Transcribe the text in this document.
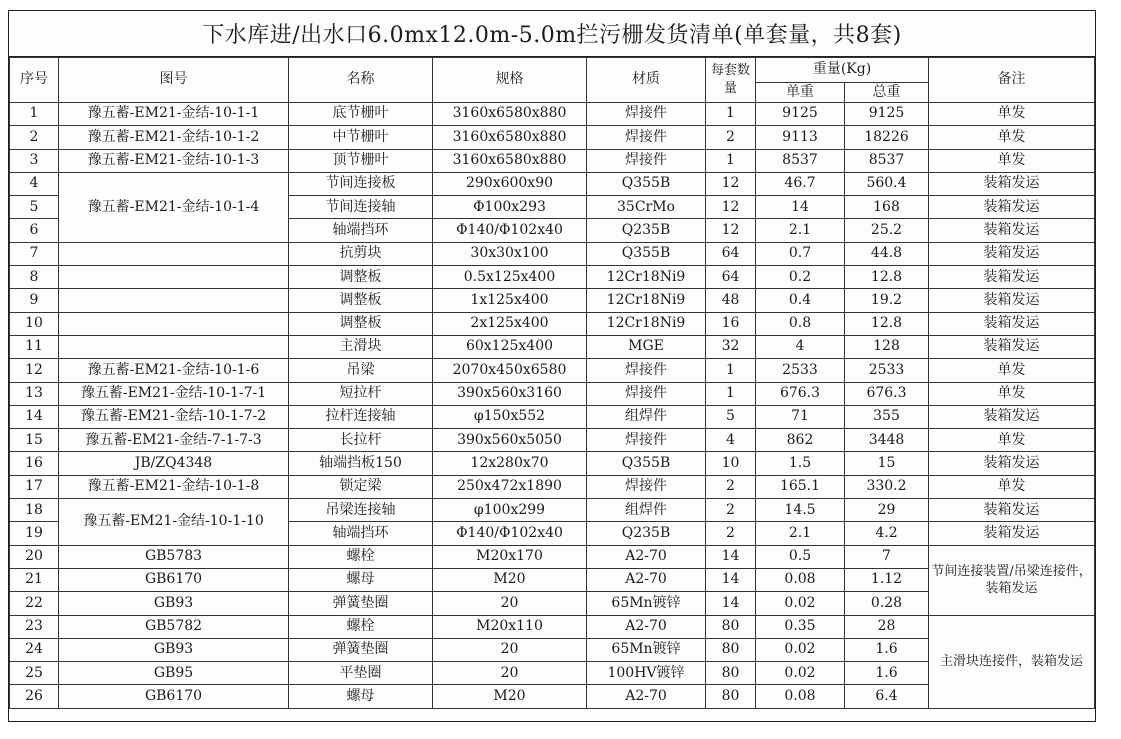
下水库进/出水口6.0mx12.0m-5.0m拦污栅发货清单(单套量，共8套)
序号	图号	名称	规格	材质	每套数量	重量(Kg)		备注
						单重	总重	
1	豫五蓄-EM21-金结-10-1-1	底节栅叶	3160x6580x880	焊接件	1	9125	9125	单发
2	豫五蓄-EM21-金结-10-1-2	中节栅叶	3160x6580x880	焊接件	2	9113	18226	单发
3	豫五蓄-EM21-金结-10-1-3	顶节栅叶	3160x6580x880	焊接件	1	8537	8537	单发
4	豫五蓄-EM21-金结-10-1-4	节间连接板	290x600x90	Q355B	12	46.7	560.4	装箱发运
5		节间连接轴	Φ100x293	35CrMo	12	14	168	装箱发运
6		轴端挡环	Φ140/Φ102x40	Q235B	12	2.1	25.2	装箱发运
7		抗剪块	30x30x100	Q355B	64	0.7	44.8	装箱发运
8		调整板	0.5x125x400	12Cr18Ni9	64	0.2	12.8	装箱发运
9		调整板	1x125x400	12Cr18Ni9	48	0.4	19.2	装箱发运
10		调整板	2x125x400	12Cr18Ni9	16	0.8	12.8	装箱发运
11		主滑块	60x125x400	MGE	32	4	128	装箱发运
12	豫五蓄-EM21-金结-10-1-6	吊梁	2070x450x6580	焊接件	1	2533	2533	单发
13	豫五蓄-EM21-金结-10-1-7-1	短拉杆	390x560x3160	焊接件	1	676.3	676.3	单发
14	豫五蓄-EM21-金结-10-1-7-2	拉杆连接轴	φ150x552	组焊件	5	71	355	装箱发运
15	豫五蓄-EM21-金结-7-1-7-3	长拉杆	390x560x5050	焊接件	4	862	3448	单发
16	JB/ZQ4348	轴端挡板150	12x280x70	Q355B	10	1.5	15	装箱发运
17	豫五蓄-EM21-金结-10-1-8	锁定梁	250x472x1890	焊接件	2	165.1	330.2	单发
18	豫五蓄-EM21-金结-10-1-10	吊梁连接轴	φ100x299	组焊件	2	14.5	29	装箱发运
19		轴端挡环	Φ140/Φ102x40	Q235B	2	2.1	4.2	装箱发运
20	GB5783	螺栓	M20x170	A2-70	14	0.5	7	节间连接装置/吊梁连接件，装箱发运
21	GB6170	螺母	M20	A2-70	14	0.08	1.12	
22	GB93	弹簧垫圈	20	65Mn镀锌	14	0.02	0.28	
23	GB5782	螺栓	M20x110	A2-70	80	0.35	28	主滑块连接件，装箱发运
24	GB93	弹簧垫圈	20	65Mn镀锌	80	0.02	1.6	
25	GB95	平垫圈	20	100HV镀锌	80	0.02	1.6	
26	GB6170	螺母	M20	A2-70	80	0.08	6.4	
